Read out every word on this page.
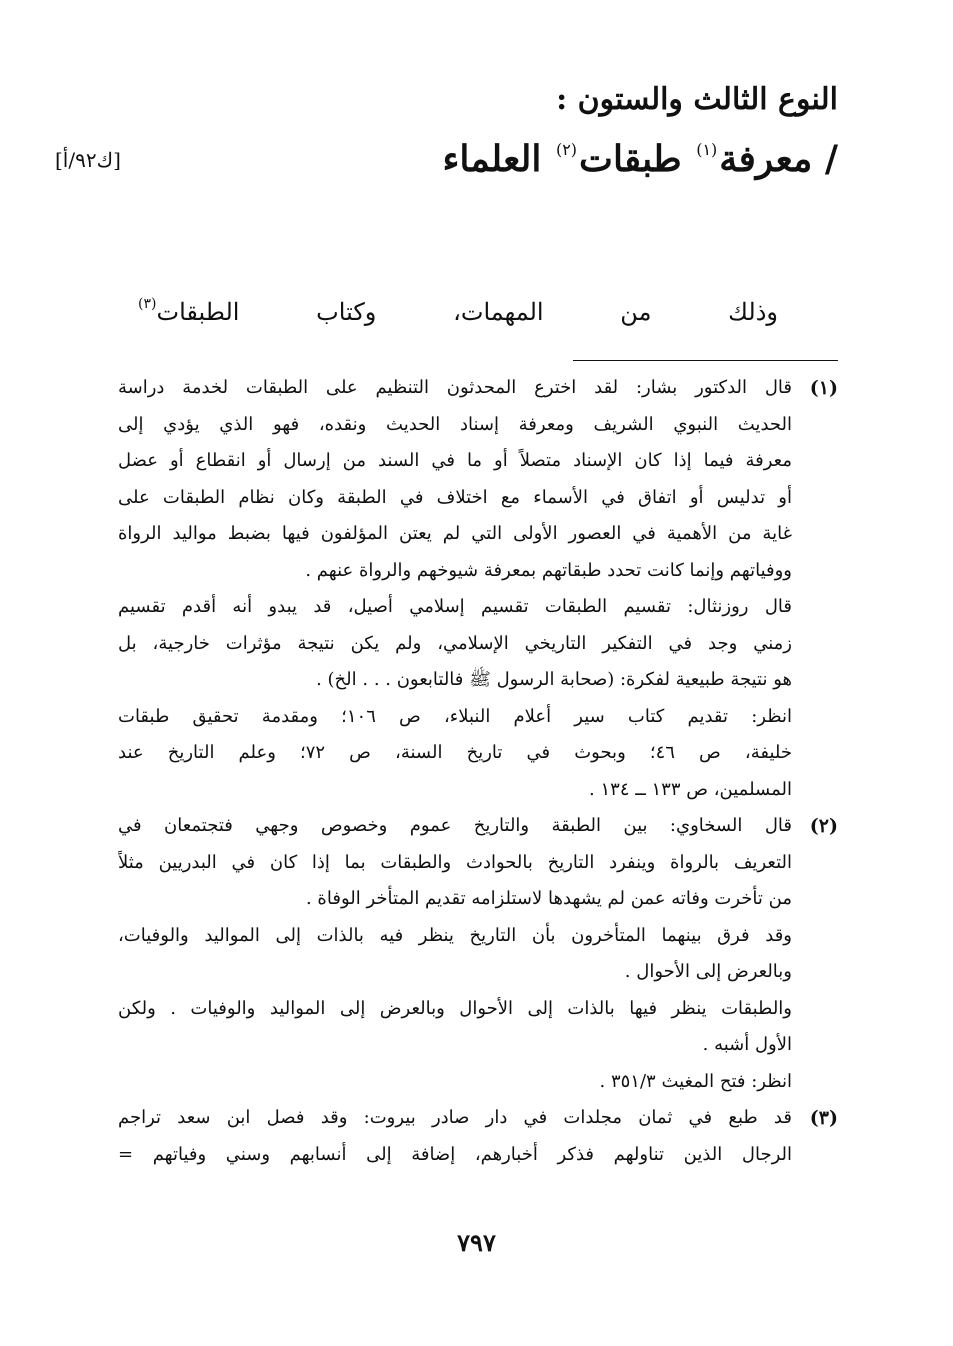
النوع الثالث والستون :
/ معرفة$^{(١)}$ طبقات$^{(٢)}$ العلماء
[ك٩٢/أ]
وذلك من المهمات، وكتاب الطبقات$^{(٣)}$
(١)
قال الدكتور بشار: لقد اخترع المحدثون التنظيم على الطبقات لخدمة دراسة
الحديث النبوي الشريف ومعرفة إسناد الحديث ونقده، فهو الذي يؤدي إلى
معرفة فيما إذا كان الإسناد متصلاً أو ما في السند من إرسال أو انقطاع أو عضل
أو تدليس أو اتفاق في الأسماء مع اختلاف في الطبقة وكان نظام الطبقات على
غاية من الأهمية في العصور الأولى التي لم يعتن المؤلفون فيها بضبط مواليد الرواة
ووفياتهم وإنما كانت تحدد طبقاتهم بمعرفة شيوخهم والرواة عنهم .
قال روزنثال: تقسيم الطبقات تقسيم إسلامي أصيل، قد يبدو أنه أقدم تقسيم
زمني وجد في التفكير التاريخي الإسلامي، ولم يكن نتيجة مؤثرات خارجية، بل
هو نتيجة طبيعية لفكرة: (صحابة الرسول ﷺ فالتابعون . . . الخ) .
انظر: تقديم كتاب سير أعلام النبلاء، ص ١٠٦؛ ومقدمة تحقيق طبقات
خليفة، ص ٤٦؛ وبحوث في تاريخ السنة، ص ٧٢؛ وعلم التاريخ عند
المسلمين، ص ١٣٣ ــ ١٣٤ .
(٢)
قال السخاوي: بين الطبقة والتاريخ عموم وخصوص وجهي فتجتمعان في
التعريف بالرواة وينفرد التاريخ بالحوادث والطبقات بما إذا كان في البدريين مثلاً
من تأخرت وفاته عمن لم يشهدها لاستلزامه تقديم المتأخر الوفاة .
وقد فرق بينهما المتأخرون بأن التاريخ ينظر فيه بالذات إلى المواليد والوفيات،
وبالعرض إلى الأحوال .
والطبقات ينظر فيها بالذات إلى الأحوال وبالعرض إلى المواليد والوفيات . ولكن
الأول أشبه .
انظر: فتح المغيث ٣٥١/٣ .
(٣)
قد طبع في ثمان مجلدات في دار صادر بيروت: وقد فصل ابن سعد تراجم
الرجال الذين تناولهم فذكر أخبارهم، إضافة إلى أنسابهم وسني وفياتهم =
٧٩٧
